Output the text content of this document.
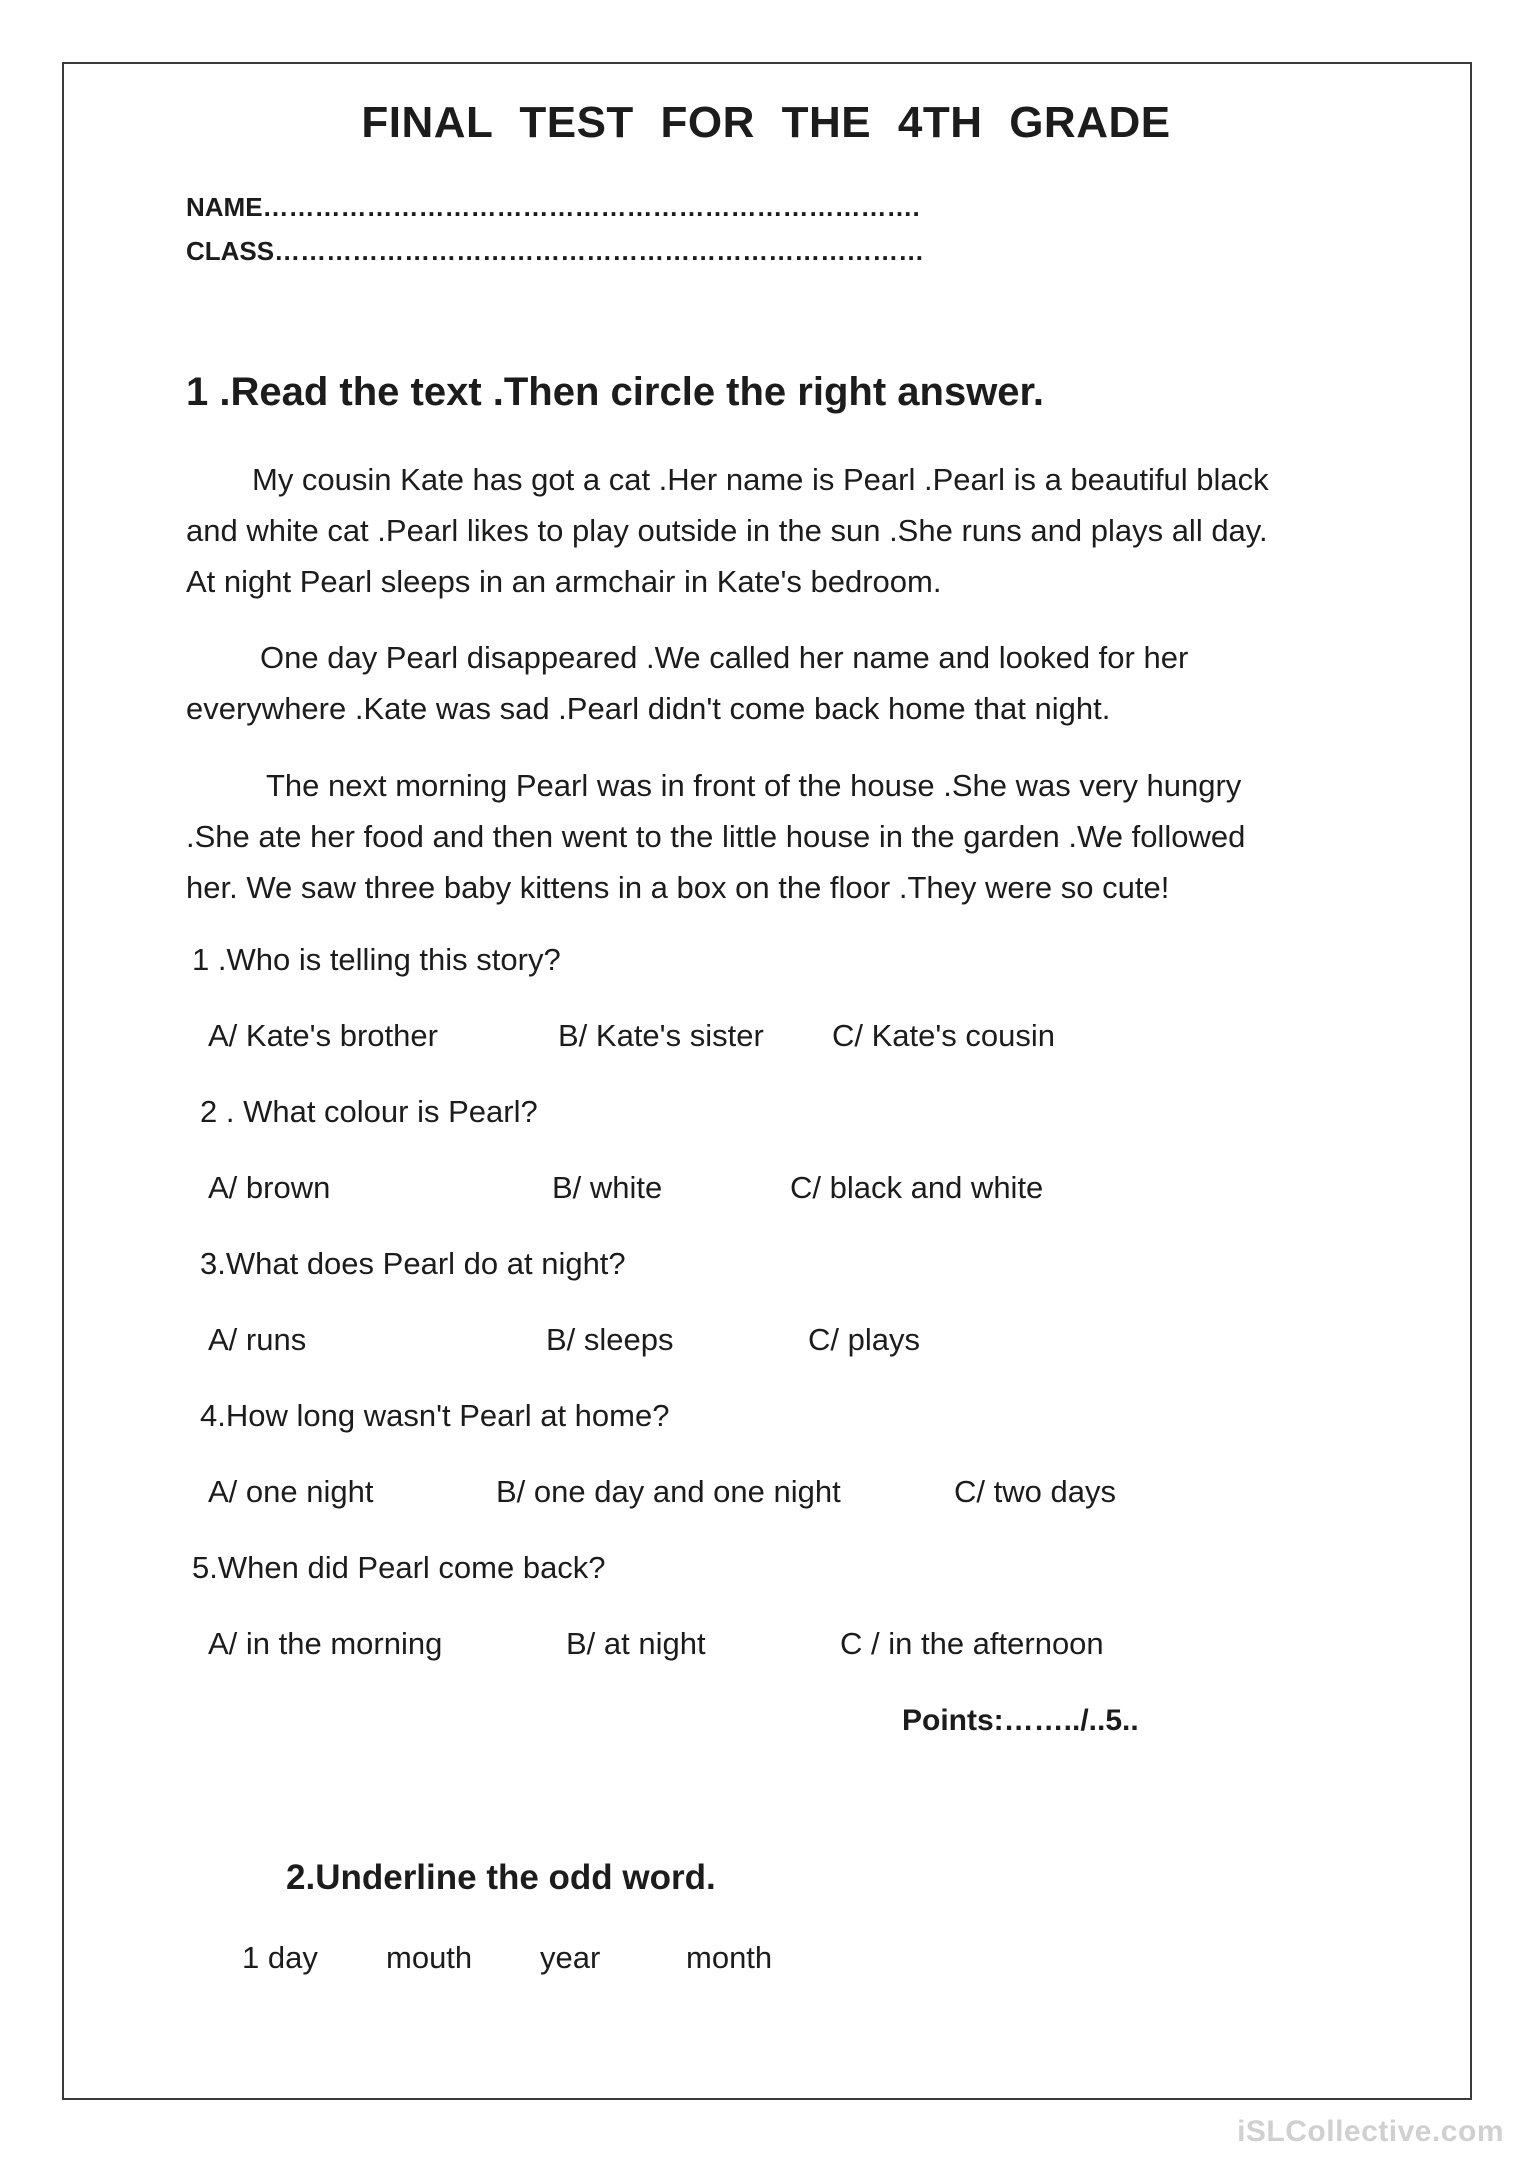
FINAL TEST FOR THE 4TH GRADE
NAME………………………………………………………………….
CLASS…………………………………………………………………
1 .Read the text .Then circle the right answer.
My cousin Kate has got a cat .Her name is Pearl .Pearl is a beautiful black
and white cat .Pearl likes to play outside in the sun .She runs and plays all day.
At night Pearl sleeps in an armchair in Kate's bedroom.
One day Pearl disappeared .We called her name and looked for her
everywhere .Kate was sad .Pearl didn't come back home that night.
The next morning Pearl was in front of the house .She was very hungry
.She ate her food and then went to the little house in the garden .We followed
her. We saw three baby kittens in a box on the floor .They were so cute!
1 .Who is telling this story?
A/ Kate's brother	B/ Kate's sister C/ Kate's cousin
2 . What colour is Pearl?
A/ brown	B/ white	C/ black and white
3.What does Pearl do at night?
A/ runs	B/ sleeps	C/ plays
4.How long wasn't Pearl at home?
A/ one night	B/ one day and one night	C/ two days
5.When did Pearl come back?
A/ in the morning	B/ at night	C / in the afternoon
Points:……../..5..
2.Underline the odd word.
1 day mouth year	month
iSLCollective.com
